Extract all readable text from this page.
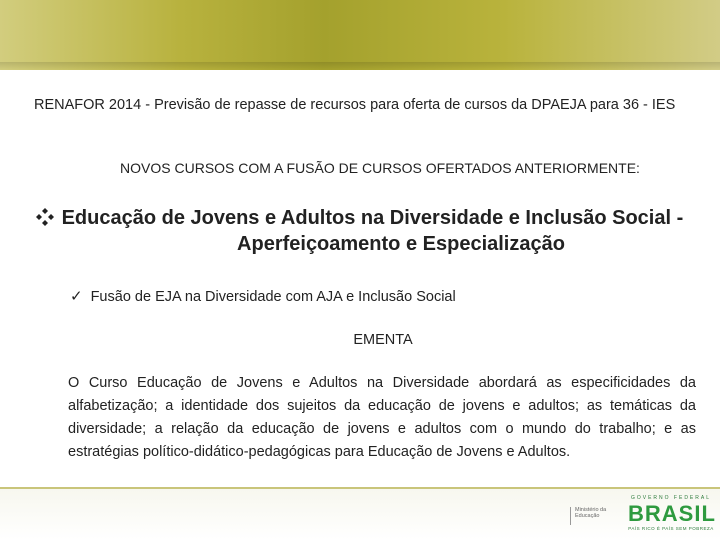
RENAFOR 2014 - Previsão de repasse de recursos para oferta de cursos da DPAEJA para 36 - IES
NOVOS CURSOS COM A FUSÃO DE CURSOS OFERTADOS ANTERIORMENTE:
Educação de Jovens e Adultos na Diversidade e Inclusão Social -
Aperfeiçoamento e Especialização
✓ Fusão de EJA na Diversidade com AJA e Inclusão Social
EMENTA
O Curso Educação de Jovens e Adultos na Diversidade abordará as especificidades da alfabetização; a identidade dos sujeitos da educação de jovens e adultos; as temáticas da diversidade; a relação da educação de jovens e adultos com o mundo do trabalho; e as estratégias político-didático-pedagógicas para Educação de Jovens e Adultos.
Ministério da
Educação
GOVERNO FEDERAL
BRASIL
PAÍS RICO É PAÍS SEM POBREZA
